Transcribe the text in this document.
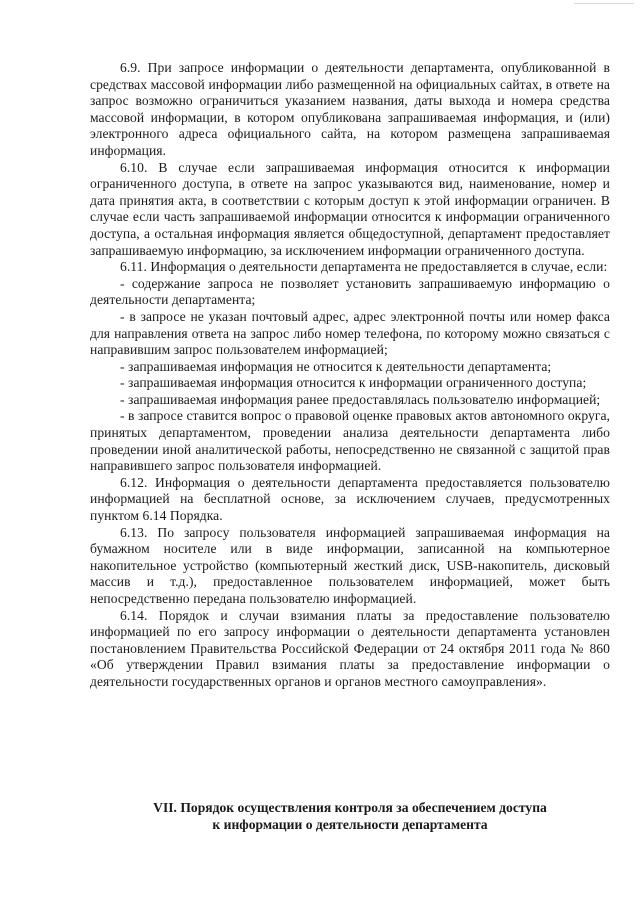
6.9. При запросе информации о деятельности департамента, опубликованной в средствах массовой информации либо размещенной на официальных сайтах, в ответе на запрос возможно ограничиться указанием названия, даты выхода и номера средства массовой информации, в котором опубликована запрашиваемая информация, и (или) электронного адреса официального сайта, на котором размещена запрашиваемая информация.

6.10. В случае если запрашиваемая информация относится к информации ограниченного доступа, в ответе на запрос указываются вид, наименование, номер и дата принятия акта, в соответствии с которым доступ к этой информации ограничен. В случае если часть запрашиваемой информации относится к информации ограниченного доступа, а остальная информация является общедоступной, департамент предоставляет запрашиваемую информацию, за исключением информации ограниченного доступа.

6.11. Информация о деятельности департамента не предоставляется в случае, если:

- содержание запроса не позволяет установить запрашиваемую информацию о деятельности департамента;

- в запросе не указан почтовый адрес, адрес электронной почты или номер факса для направления ответа на запрос либо номер телефона, по которому можно связаться с направившим запрос пользователем информацией;

- запрашиваемая информация не относится к деятельности департамента;

- запрашиваемая информация относится к информации ограниченного доступа;

- запрашиваемая информация ранее предоставлялась пользователю информацией;

- в запросе ставится вопрос о правовой оценке правовых актов автономного округа, принятых департаментом, проведении анализа деятельности департамента либо проведении иной аналитической работы, непосредственно не связанной с защитой прав направившего запрос пользователя информацией.

6.12. Информация о деятельности департамента предоставляется пользователю информацией на бесплатной основе, за исключением случаев, предусмотренных пунктом 6.14 Порядка.

6.13. По запросу пользователя информацией запрашиваемая информация на бумажном носителе или в виде информации, записанной на компьютерное накопительное устройство (компьютерный жесткий диск, USB-накопитель, дисковый массив и т.д.), предоставленное пользователем информацией, может быть непосредственно передана пользователю информацией.

6.14. Порядок и случаи взимания платы за предоставление пользователю информацией по его запросу информации о деятельности департамента установлен постановлением Правительства Российской Федерации от 24 октября 2011 года № 860 «Об утверждении Правил взимания платы за предоставление информации о деятельности государственных органов и органов местного самоуправления».

VII. Порядок осуществления контроля за обеспечением доступа
к информации о деятельности департамента
